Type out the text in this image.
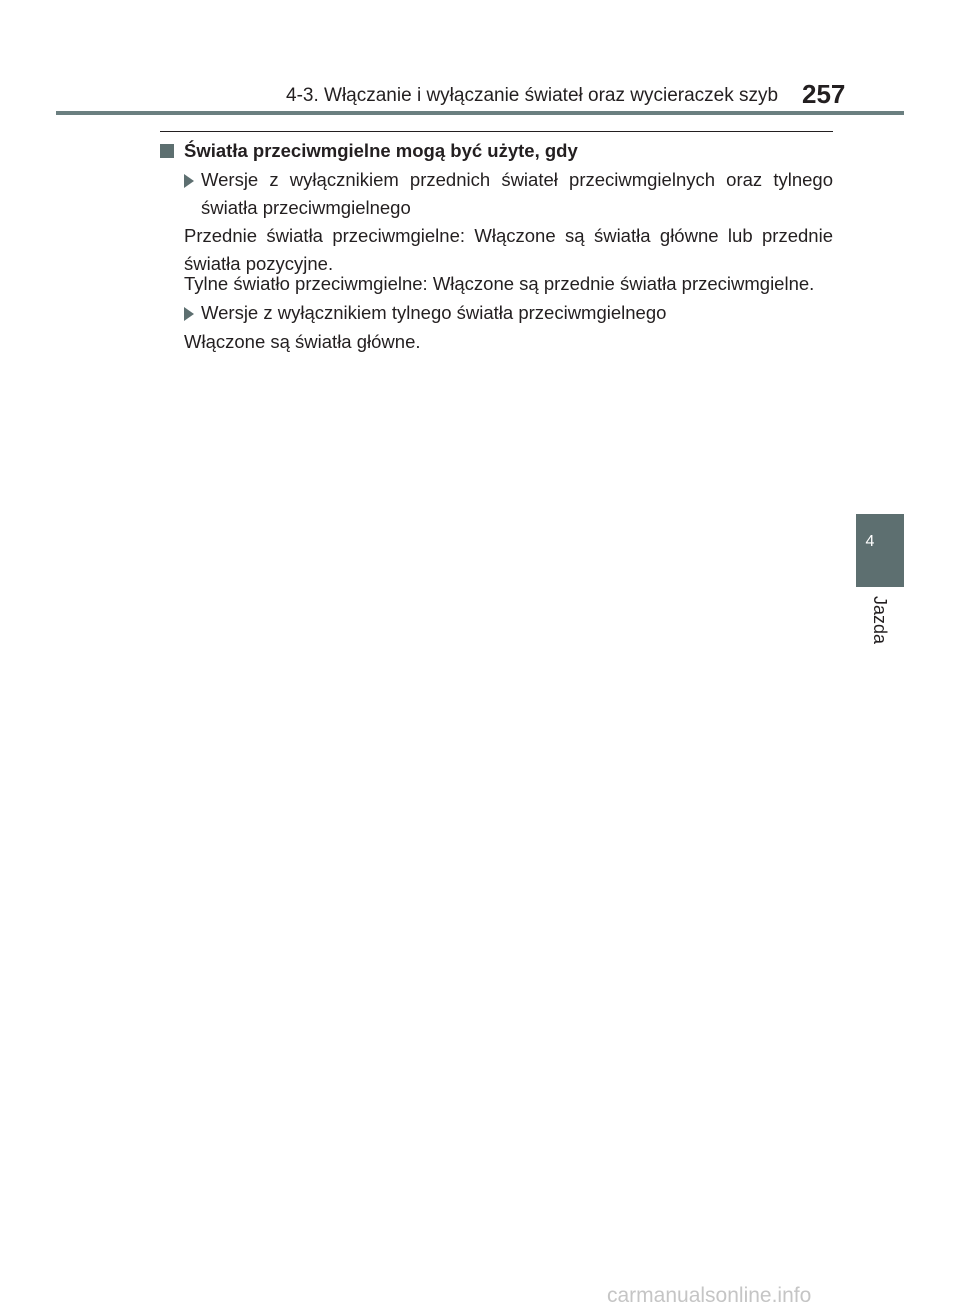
4-3. Włączanie i wyłączanie świateł oraz wycieraczek szyb 257
Światła przeciwmgielne mogą być użyte, gdy
Wersje z wyłącznikiem przednich świateł przeciwmgielnych oraz tylnego światła przeciwmgielnego
Przednie światła przeciwmgielne: Włączone są światła główne lub przednie światła pozycyjne.
Tylne światło przeciwmgielne: Włączone są przednie światła przeciwmgielne.
Wersje z wyłącznikiem tylnego światła przeciwmgielnego
Włączone są światła główne.
4
Jazda
carmanualsonline.info
